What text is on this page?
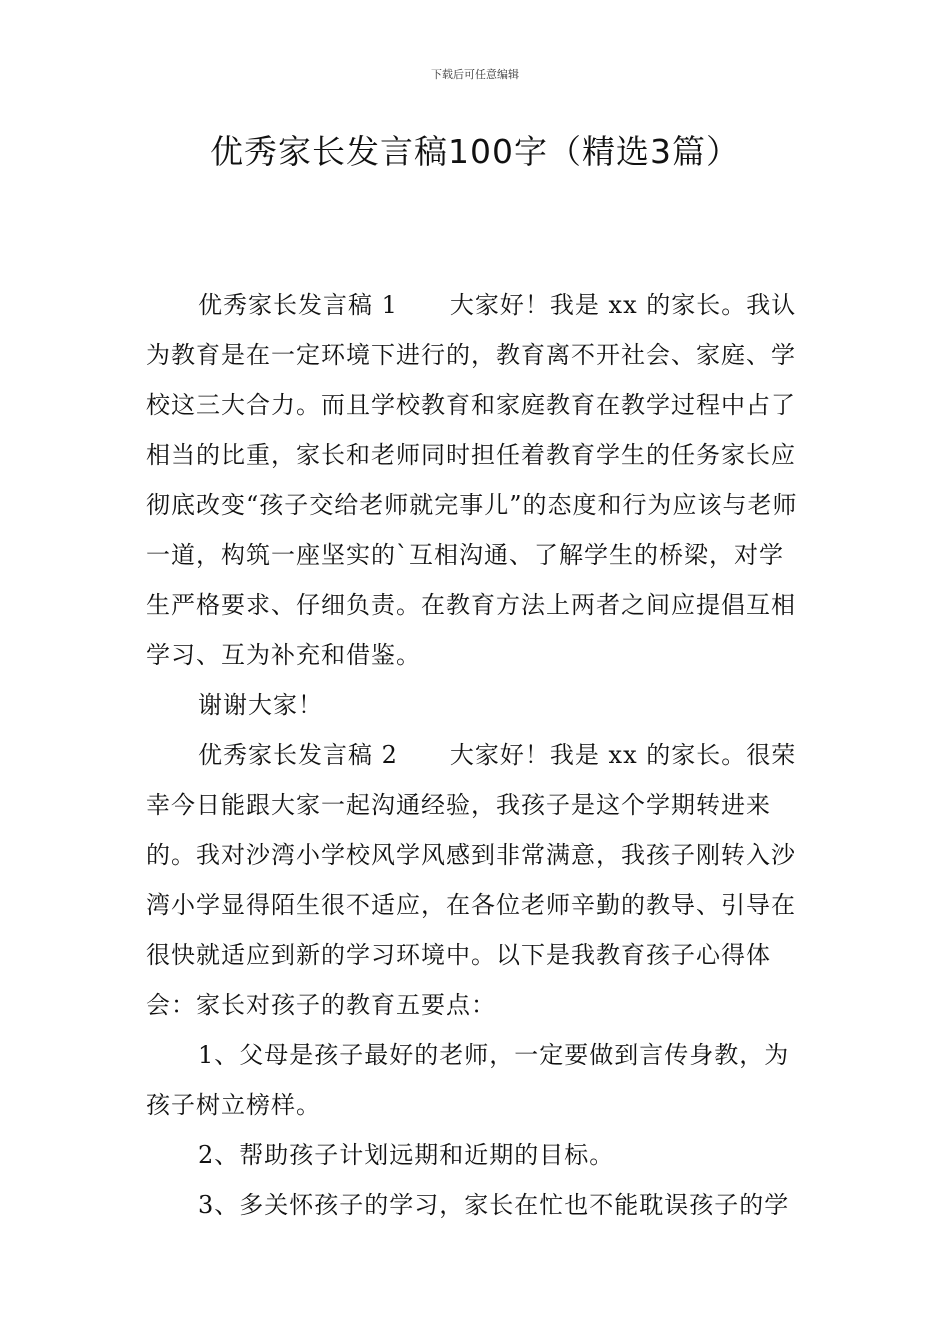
下载后可任意编辑
优秀家长发言稿100字（精选3篇）

优秀家长发言稿 1 大家好！我是 xx 的家长。我认为教育是在一定环境下进行的，教育离不开社会、家庭、学校这三大合力。而且学校教育和家庭教育在教学过程中占了相当的比重，家长和老师同时担任着教育学生的任务家长应彻底改变“孩子交给老师就完事儿”的态度和行为应该与老师一道，构筑一座坚实的`互相沟通、了解学生的桥梁，对学生严格要求、仔细负责。在教育方法上两者之间应提倡互相学习、互为补充和借鉴。

谢谢大家！

优秀家长发言稿 2 大家好！我是 xx 的家长。很荣幸今日能跟大家一起沟通经验，我孩子是这个学期转进来的。我对沙湾小学校风学风感到非常满意，我孩子刚转入沙湾小学显得陌生很不适应，在各位老师辛勤的教导、引导在很快就适应到新的学习环境中。以下是我教育孩子心得体会：家长对孩子的教育五要点：

1、父母是孩子最好的老师，一定要做到言传身教，为孩子树立榜样。

2、帮助孩子计划远期和近期的目标。

3、多关怀孩子的学习，家长在忙也不能耽误孩子的学
